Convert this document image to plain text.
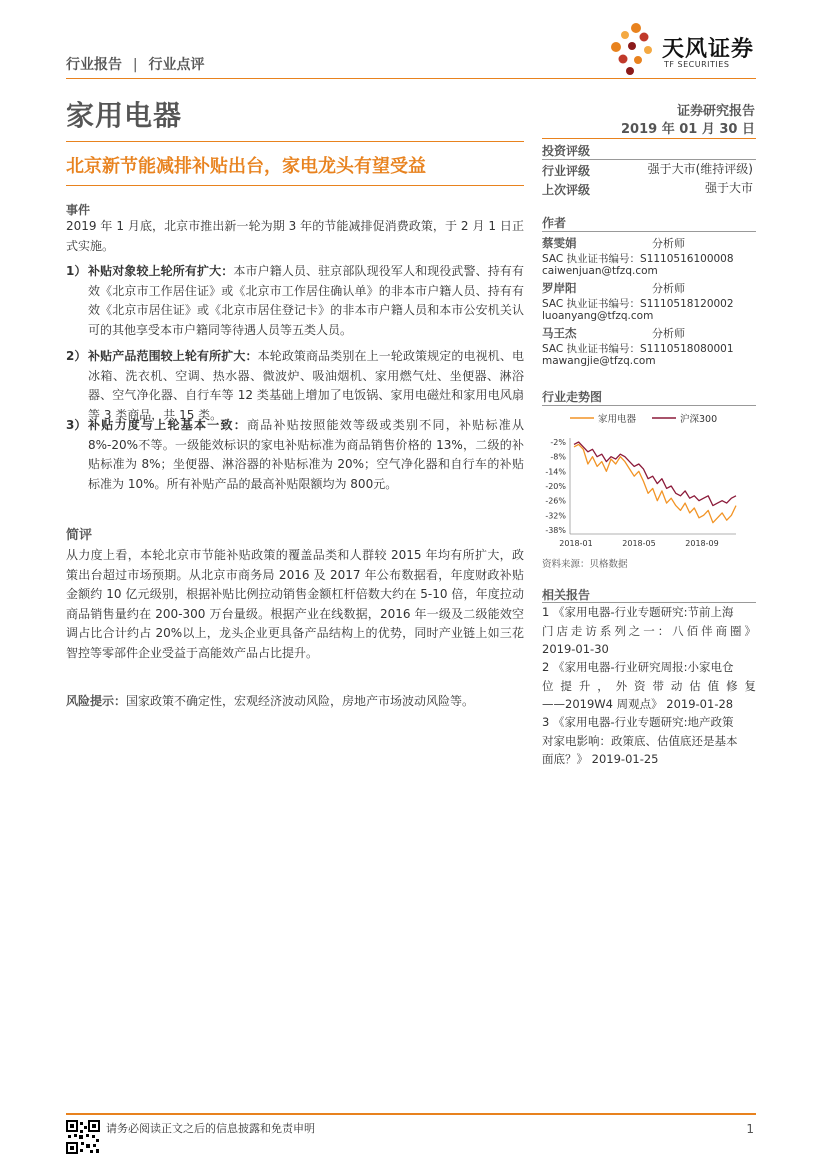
行业报告 | 行业点评
天风证券
TF SECURITIES
家用电器	证券研究报告
2019 年 01 月 30 日
北京新节能减排补贴出台，家电龙头有望受益
投资评级
行业评级	强于大市(维持评级)
上次评级	强于大市
作者
蔡雯娟	分析师
SAC 执业证书编号：S1110516100008
caiwenjuan@tfzq.com
罗岸阳	分析师
SAC 执业证书编号：S1110518120002
luoanyang@tfzq.com
马王杰	分析师
SAC 执业证书编号：S1110518080001
mawangjie@tfzq.com
行业走势图
家用电器	沪深300
-2%
-8%
-14%
-20%
-26%
-32%
-38%
2018-01	2018-05	2018-09
资料来源：贝格数据
相关报告
1 《家用电器-行业专题研究:节前上海
门店走访系列之一：八佰伴商圈》
2019-01-30
2 《家用电器-行业研究周报:小家电仓
位提升，外资带动估值修复
——2019W4 周观点》 2019-01-28
3 《家用电器-行业专题研究:地产政策
对家电影响：政策底、估值底还是基本
面底？》 2019-01-25
事件
2019 年 1 月底，北京市推出新一轮为期 3 年的节能减排促消费政策，于 2 月 1 日正式实施。
1） 补贴对象较上轮所有扩大：本市户籍人员、驻京部队现役军人和现役武警、持有有效《北京市工作居住证》或《北京市工作居住确认单》的非本市户籍人员、持有有效《北京市居住证》或《北京市居住登记卡》的非本市户籍人员和本市公安机关认可的其他享受本市户籍同等待遇人员等五类人员。
2） 补贴产品范围较上轮有所扩大：本轮政策商品类别在上一轮政策规定的电视机、电冰箱、洗衣机、空调、热水器、微波炉、吸油烟机、家用燃气灶、坐便器、淋浴器、空气净化器、自行车等 12 类基础上增加了电饭锅、家用电磁灶和家用电风扇等 3 类商品，共 15 类。
3） 补贴力度与上轮基本一致：商品补贴按照能效等级或类别不同，补贴标准从 8%-20%不等。一级能效标识的家电补贴标准为商品销售价格的 13%，二级的补贴标准为 8%；坐便器、淋浴器的补贴标准为 20%；空气净化器和自行车的补贴标准为 10%。所有补贴产品的最高补贴限额均为 800元。
简评
从力度上看，本轮北京市节能补贴政策的覆盖品类和人群较 2015 年均有所扩大，政策出台超过市场预期。从北京市商务局 2016 及 2017 年公布数据看，年度财政补贴金额约 10 亿元级别，根据补贴比例拉动销售金额杠杆倍数大约在 5-10 倍，年度拉动商品销售量约在 200-300 万台量级。根据产业在线数据，2016 年一级及二级能效空调占比合计约占 20%以上，龙头企业更具备产品结构上的优势，同时产业链上如三花智控等零部件企业受益于高能效产品占比提升。
风险提示：国家政策不确定性，宏观经济波动风险，房地产市场波动风险等。
请务必阅读正文之后的信息披露和免责申明	1
